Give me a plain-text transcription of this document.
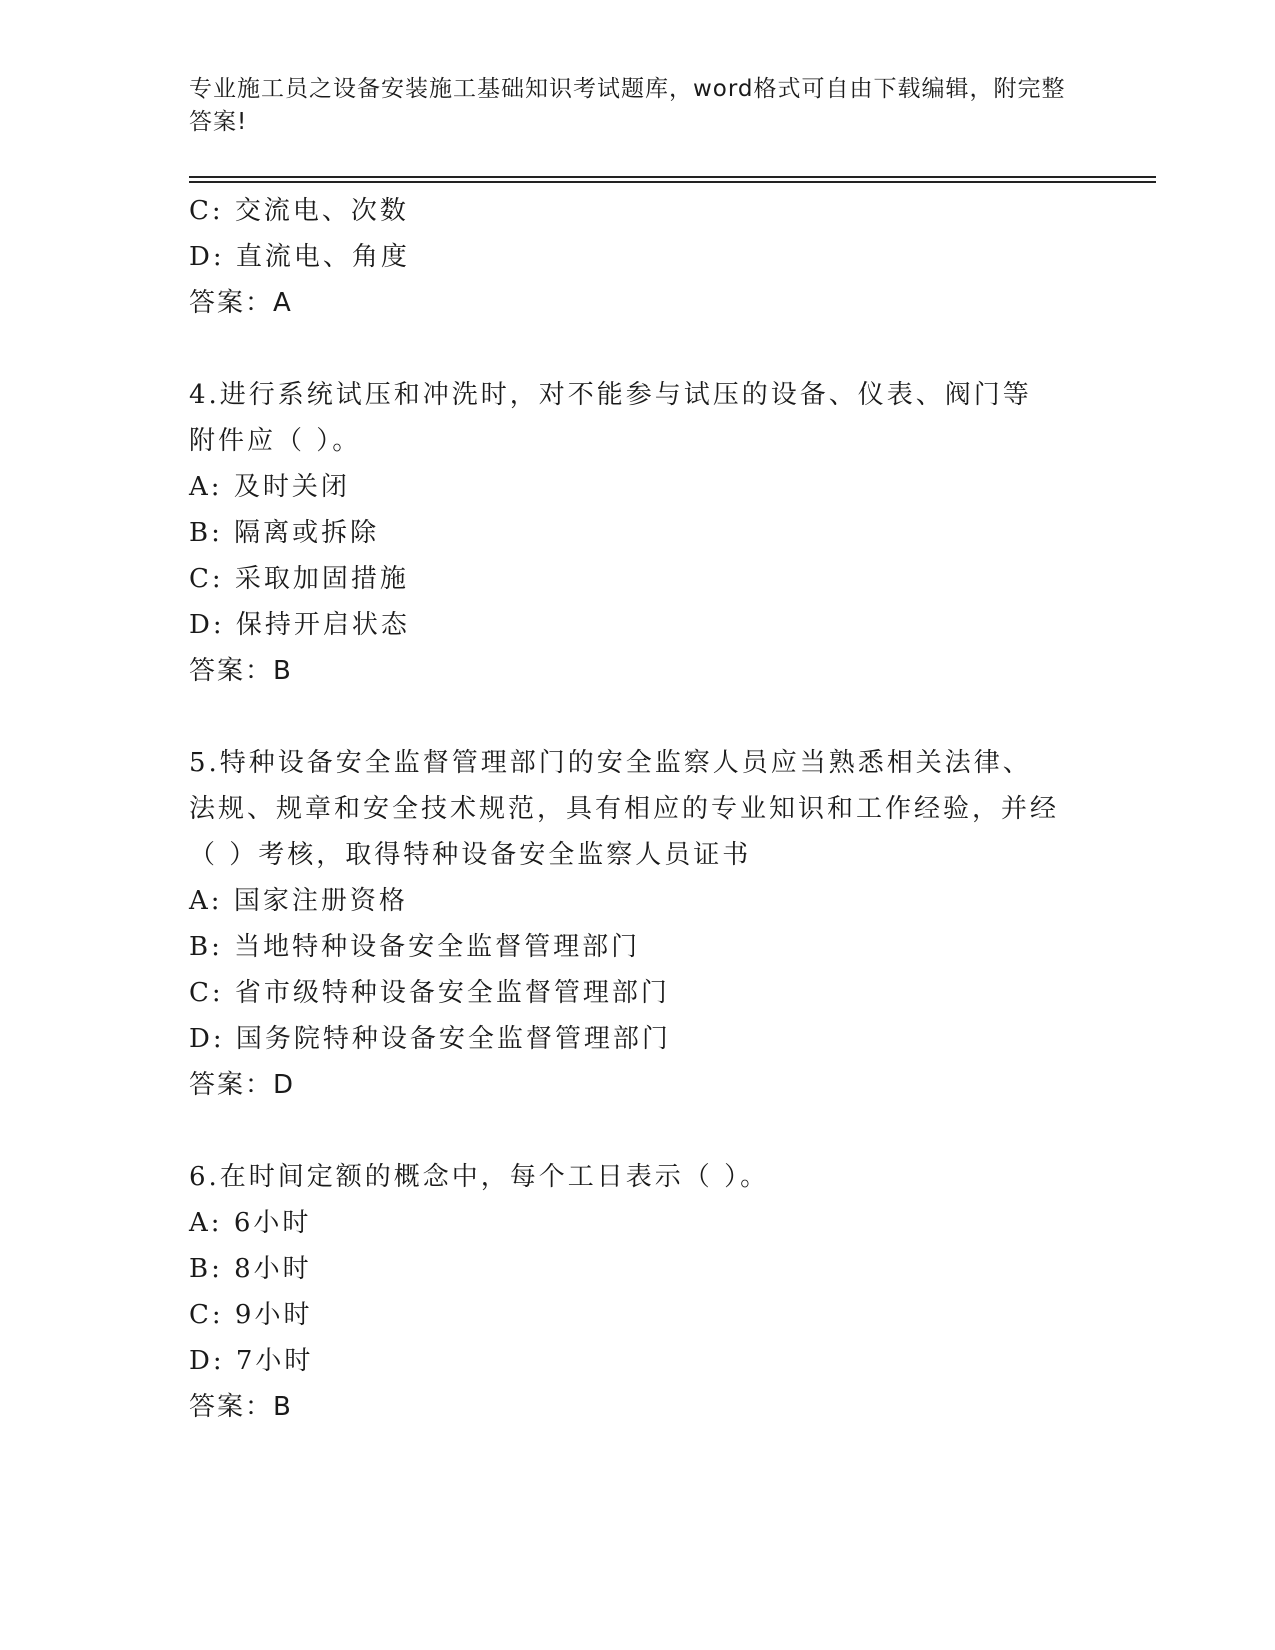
专业施工员之设备安装施工基础知识考试题库，word格式可自由下载编辑，附完整答案!
C: 交流电、次数
D: 直流电、角度
答案：A
4.进行系统试压和冲洗时，对不能参与试压的设备、仪表、阀门等附件应（ ）。
A: 及时关闭
B: 隔离或拆除
C: 采取加固措施
D: 保持开启状态
答案：B
5.特种设备安全监督管理部门的安全监察人员应当熟悉相关法律、法规、规章和安全技术规范，具有相应的专业知识和工作经验，并经（ ）考核，取得特种设备安全监察人员证书
A: 国家注册资格
B: 当地特种设备安全监督管理部门
C: 省市级特种设备安全监督管理部门
D: 国务院特种设备安全监督管理部门
答案：D
6.在时间定额的概念中，每个工日表示（ ）。
A: 6小时
B: 8小时
C: 9小时
D: 7小时
答案：B
